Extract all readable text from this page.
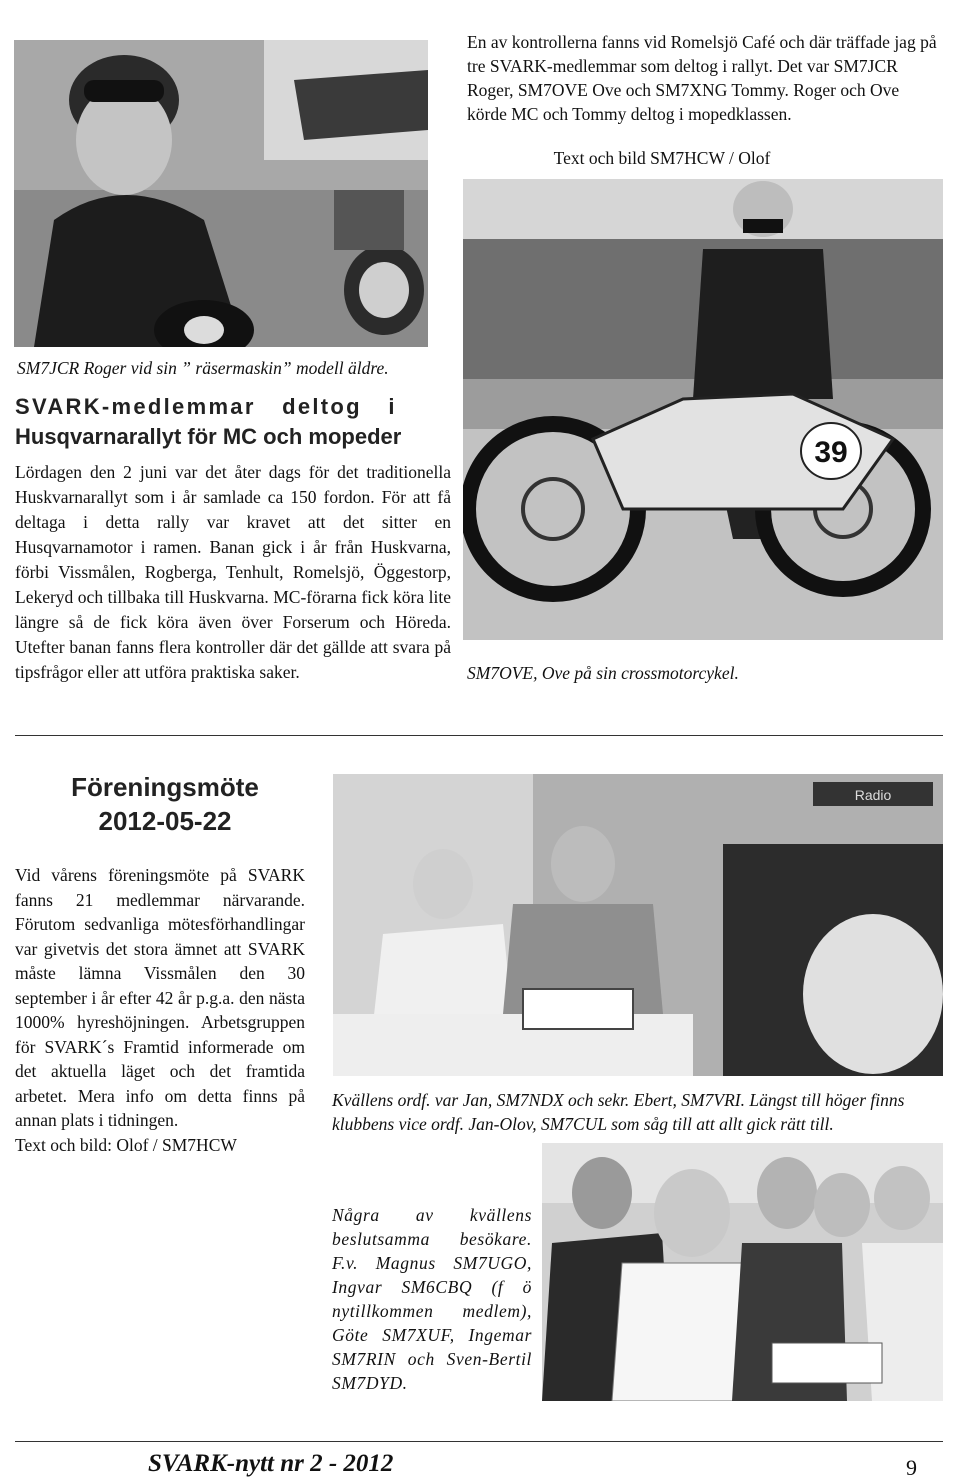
39
Radio

En av kontrollerna fanns vid Romelsjö Café och där träffade jag på tre SVARK-medlemmar som deltog i rallyt. Det var SM7JCR Roger, SM7OVE Ove och SM7XNG Tommy. Roger och Ove körde MC och Tommy deltog i mopedklassen.

Text och bild SM7HCW / Olof

SM7JCR Roger vid sin ” räsermaskin” modell äldre.

SVARK-medlemmar deltog i
Husqvarnarallyt för MC och mopeder

Lördagen den 2 juni var det åter dags för det traditionella Huskvarnarallyt som i år samlade ca 150 fordon. För att få deltaga i detta rally var kravet att det sitter en Husqvarnamotor i ramen. Banan gick i år från Huskvarna, förbi Vissmålen, Rogberga, Tenhult, Romelsjö, Öggestorp, Lekeryd och tillbaka till Huskvarna. MC-förarna fick köra lite längre så de fick köra även över Forserum och Höreda. Utefter banan fanns flera kontroller där det gällde att svara på tipsfrågor eller att utföra praktiska saker.	SM7OVE, Ove på sin crossmotorcykel.

Föreningsmöte
2012-05-22
Vid vårens föreningsmöte på SVARK fanns 21 medlemmar närvarande. Förutom sedvanliga mötesförhandlingar var givetvis det stora ämnet att SVARK måste lämna Vissmålen den 30 september i år efter 42 år p.g.a. den nästa 1000% hyreshöjningen. Arbetsgruppen för SVARK´s Framtid informerade om det aktuella läget och det framtida arbetet. Mera info om detta finns på annan plats i tidningen.
Text och bild: Olof / SM7HCW

Kvällens ordf. var Jan, SM7NDX och sekr. Ebert, SM7VRI. Längst till höger finns klubbens vice ordf. Jan-Olov, SM7CUL som såg till att allt gick rätt till.

Några av kvällens beslutsamma besökare. F.v. Magnus SM7UGO, Ingvar SM6CBQ (f ö nytillkommen medlem), Göte SM7XUF, Ingemar SM7RIN och Sven-Bertil SM7DYD.

SVARK-nytt nr 2 - 2012	9
